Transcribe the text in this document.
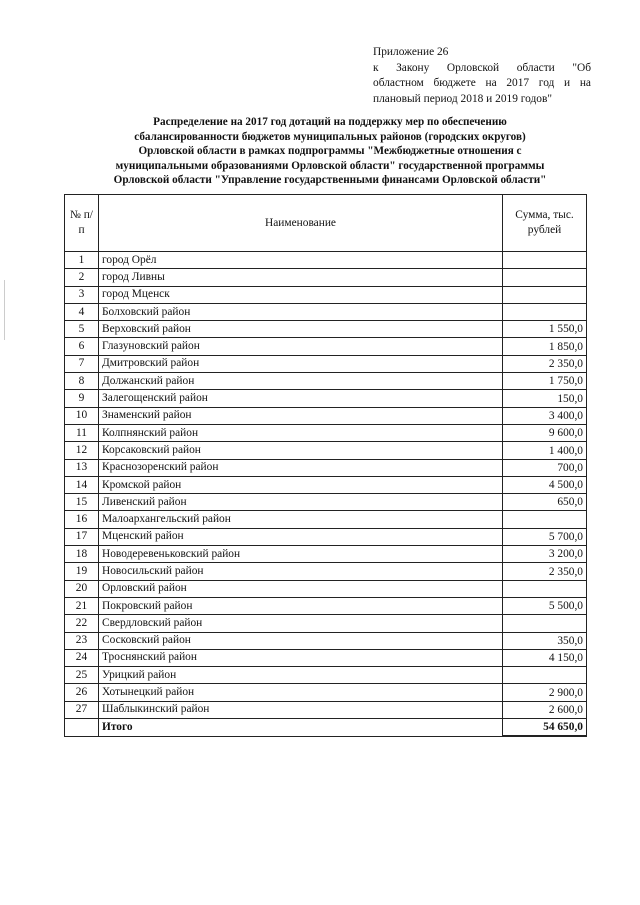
Приложение 26
к Закону Орловской области "Об
областном бюджете на 2017 год и на
плановый период 2018 и 2019 годов"
Распределение на 2017 год дотаций на поддержку мер по обеспечению
сбалансированности бюджетов муниципальных районов (городских округов)
Орловской области в рамках подпрограммы "Межбюджетные отношения с
муниципальными образованиями Орловской области" государственной программы
Орловской области "Управление государственными финансами Орловской области"
№ п/п	Наименование	Сумма, тыс. рублей
1	город Орёл	
2	город Ливны	
3	город Мценск	
4	Болховский район	
5	Верховский район	1 550,0
6	Глазуновский район	1 850,0
7	Дмитровский район	2 350,0
8	Должанский район	1 750,0
9	Залегощенский район	150,0
10	Знаменский район	3 400,0
11	Колпнянский район	9 600,0
12	Корсаковский район	1 400,0
13	Краснозоренский район	700,0
14	Кромской район	4 500,0
15	Ливенский район	650,0
16	Малоархангельский район	
17	Мценский район	5 700,0
18	Новодеревеньковский район	3 200,0
19	Новосильский район	2 350,0
20	Орловский район	
21	Покровский район	5 500,0
22	Свердловский район	
23	Сосковский район	350,0
24	Троснянский район	4 150,0
25	Урицкий район	
26	Хотынецкий район	2 900,0
27	Шаблыкинский район	2 600,0
	Итого	54 650,0
